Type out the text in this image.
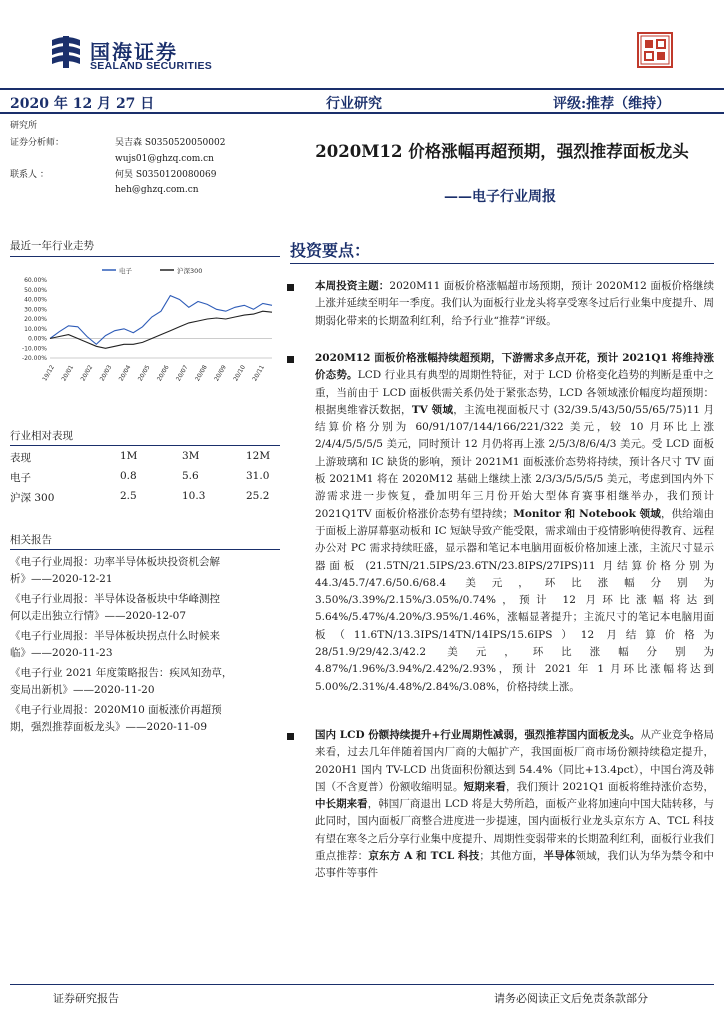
国海证券
SEALAND SECURITIES
2020 年 12 月 27 日	行业研究	评级:推荐（维持）
研究所
证券分析师：	吴吉森 S0350520050002
wujs01@ghzq.com.cn
联系人 ：	何昊 S0350120080069
heh@ghzq.com.cn
最近一年行业走势
电子	沪深300
60.00%
50.00%
40.00%
30.00%
20.00%
10.00%
0.00%
-10.00%
-20.00%
19/12 20/01 20/02 20/03 20/04 20/05 20/06 20/07 20/08 20/09 20/10 20/11
行业相对表现
表现	1M	3M	12M
电子	0.8	5.6	31.0
沪深 300	2.5	10.3	25.2
相关报告
《电子行业周报：功率半导体板块投资机会解
析》——2020-12-21
《电子行业周报：半导体设备板块中华峰测控
何以走出独立行情》——2020-12-07
《电子行业周报：半导体板块拐点什么时候来
临》——2020-11-23
《电子行业 2021 年度策略报告：疾风知劲草，
变局出新机》——2020-11-20
《电子行业周报：2020M10 面板涨价再超预
期，强烈推荐面板龙头》——2020-11-09
2020M12 价格涨幅再超预期，强烈推荐面板龙头
——电子行业周报
投资要点：
本周投资主题：2020M11 面板价格涨幅超市场预期，预计 2020M12 面板价格继续上涨并延续至明年一季度。我们认为面板行业龙头将享受寒冬过后行业集中度提升、周期弱化带来的长期盈利红利，给予行业“推荐”评级。
2020M12 面板价格涨幅持续超预期，下游需求多点开花，预计 2021Q1 将维持涨价态势。LCD 行业具有典型的周期性特征，对于 LCD 价格变化趋势的判断是重中之重，当前由于 LCD 面板供需关系仍处于紧张态势，LCD 各领域涨价幅度均超预期：根据奥维睿沃数据，TV 领域，主流电视面板尺寸 (32/39.5/43/50/55/65/75)11 月结算价格分别为 60/91/107/144/166/221/322 美元，较 10 月环比上涨 2/4/4/5/5/5/5 美元，同时预计 12 月仍将再上涨 2/5/3/8/6/4/3 美元。受 LCD 面板上游玻璃和 IC 缺货的影响，预计 2021M1 面板涨价态势将持续，预计各尺寸 TV 面板 2021M1 将在 2020M12 基础上继续上涨 2/3/3/5/5/5/5 美元，考虑到国内外下游需求进一步恢复，叠加明年三月份开始大型体育赛事相继举办，我们预计 2021Q1TV 面板价格涨价态势有望持续；Monitor 和 Notebook 领域，供给端由于面板上游屏幕驱动板和 IC 短缺导致产能受限，需求端由于疫情影响使得教育、远程办公对 PC 需求持续旺盛，显示器和笔记本电脑用面板价格加速上涨，主流尺寸显示器面板 (21.5TN/21.5IPS/23.6TN/23.8IPS/27IPS)11 月结算价格分别为 44.3/45.7/47.6/50.6/68.4 美元，环比涨幅分别为 3.50%/3.39%/2.15%/3.05%/0.74%，预计 12 月环比涨幅将达到 5.64%/5.47%/4.20%/3.95%/1.46%，涨幅显著提升；主流尺寸的笔记本电脑用面板（11.6TN/13.3IPS/14TN/14IPS/15.6IPS）12 月结算价格为 28/51.9/29/42.3/42.2 美元，环比涨幅分别为 4.87%/1.96%/3.94%/2.42%/2.93%，预计 2021 年 1 月环比涨幅将达到 5.00%/2.31%/4.48%/2.84%/3.08%，价格持续上涨。
国内 LCD 份额持续提升+行业周期性减弱，强烈推荐国内面板龙头。从产业竞争格局来看，过去几年伴随着国内厂商的大幅扩产，我国面板厂商市场份额持续稳定提升，2020H1 国内 TV-LCD 出货面积份额达到 54.4%（同比+13.4pct），中国台湾及韩国（不含夏普）份额收缩明显。短期来看，我们预计 2021Q1 面板将维持涨价态势，中长期来看，韩国厂商退出 LCD 将是大势所趋，面板产业将加速向中国大陆转移，与此同时，国内面板厂商整合进度进一步提速，国内面板行业龙头京东方 A、TCL 科技有望在寒冬之后分享行业集中度提升、周期性变弱带来的长期盈利红利，面板行业我们重点推荐：京东方 A 和 TCL 科技；其他方面，半导体领域，我们认为华为禁令和中芯事件等事件
证券研究报告	请务必阅读正文后免责条款部分
